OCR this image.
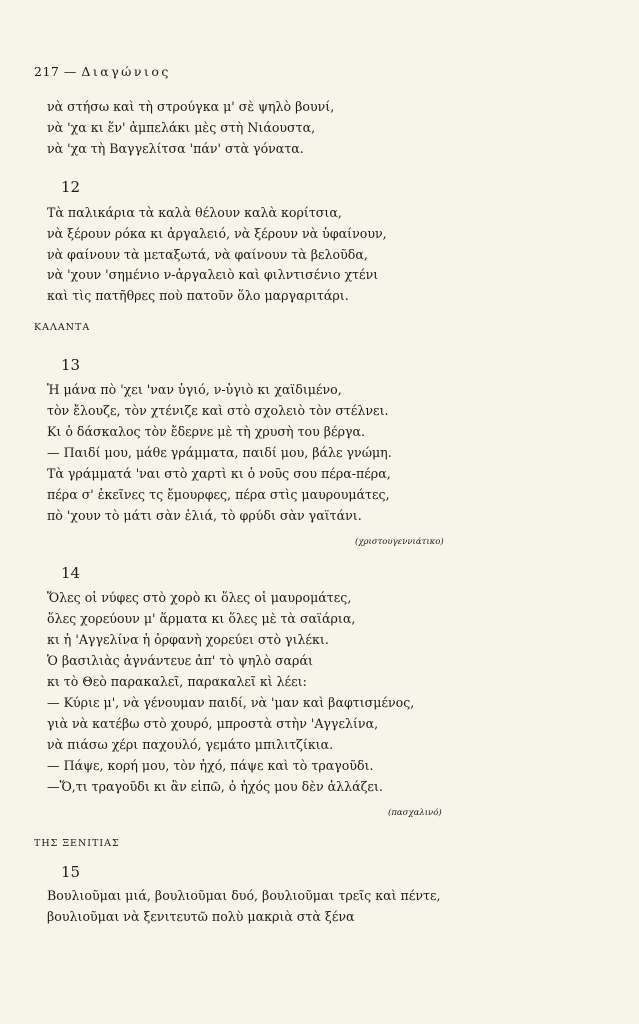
217 — Διαγώνιος
νὰ στήσω καὶ τὴ στρούγκα μ' σὲ ψηλὸ βουνί,
νὰ 'χα κι ἕν' ἀμπελάκι μὲς στὴ Νιάουστα,
νὰ 'χα τὴ Βαγγελίτσα 'πάν' στὰ γόνατα.
12
Τὰ παλικάρια τὰ καλὰ θέλουν καλὰ κορίτσια,
νὰ ξέρουν ρόκα κι ἀργαλειό, νὰ ξέρουν νὰ ὑφαίνουν,
νὰ φαίνουν τὰ μεταξωτά, νὰ φαίνουν τὰ βελοῦδα,
νὰ 'χουν 'σημένιο ν-ἀργαλειὸ καὶ φιλντισένιο χτένι
καὶ τὶς πατῆθρες ποὺ πατοῦν ὅλο μαργαριτάρι.
ΚΑΛΑΝΤΑ
13
Ἡ μάνα πὸ 'χει 'ναν ὑγιό, ν-ὑγιὸ κι χαϊδιμένο,
τὸν ἔλουζε, τὸν χτένιζε καὶ στὸ σχολειὸ τὸν στέλνει.
Κι ὁ δάσκαλος τὸν ἔδερνε μὲ τὴ χρυσὴ του βέργα.
— Παιδί μου, μάθε γράμματα, παιδί μου, βάλε γνώμη.
Τὰ γράμματά 'ναι στὸ χαρτὶ κι ὁ νοῦς σου πέρα-πέρα,
πέρα σ' ἐκεῖνες τς ἔμουρφες, πέρα στὶς μαυρουμάτες,
πὸ 'χουν τὸ μάτι σὰν ἐλιά, τὸ φρύδι σὰν γαϊτάνι.
(χριστουγεννιάτικο)
14
Ὅλες οἱ νύφες στὸ χορὸ κι ὅλες οἱ μαυρομάτες,
ὅλες χορεύουν μ' ἅρματα κι ὅλες μὲ τὰ σαϊάρια,
κι ἡ 'Αγγελίνα ἡ ὀρφανὴ χορεύει στὸ γιλέκι.
Ὁ βασιλιὰς ἀγνάντευε ἀπ' τὸ ψηλὸ σαράι
κι τὸ Θεὸ παρακαλεῖ, παρακαλεῖ κὶ λέει:
— Κύριε μ', νὰ γένουμαν παιδί, νὰ 'μαν καὶ βαφτισμένος,
γιὰ νὰ κατέβω στὸ χουρό, μπροστὰ στὴν 'Αγγελίνα,
νὰ πιάσω χέρι παχουλό, γεμάτο μπιλιτζίκια.
— Πάψε, κορή μου, τὸν ἠχό, πάψε καὶ τὸ τραγοῦδι.
—Ὅ,τι τραγοῦδι κι ἂν εἰπῶ, ὁ ἠχός μου δὲν ἀλλάζει.
(πασχαλινό)
ΤΗΣ ΞΕΝΙΤΙΑΣ
15
Βουλιοῦμαι μιά, βουλιοῦμαι δυό, βουλιοῦμαι τρεῖς καὶ πέντε,
βουλιοῦμαι νὰ ξενιτευτῶ πολὺ μακριὰ στὰ ξένα
